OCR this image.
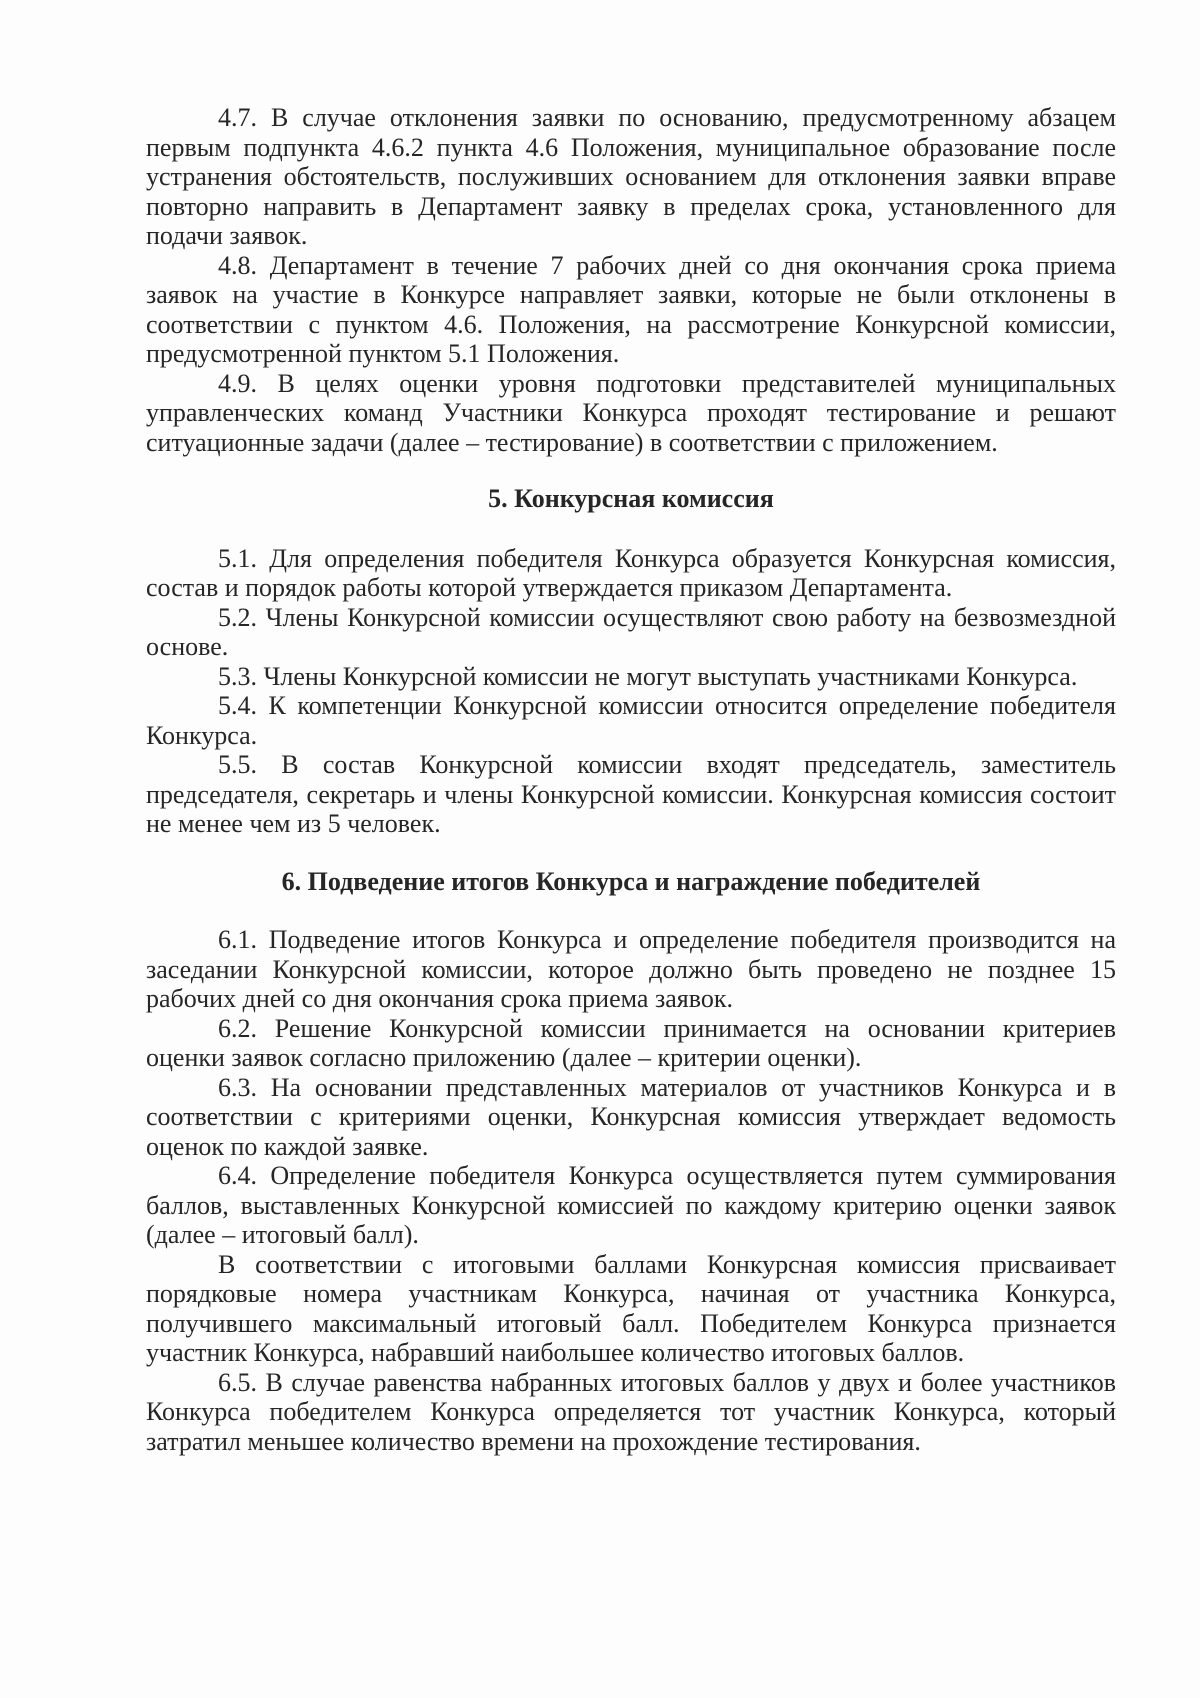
4.7. В случае отклонения заявки по основанию, предусмотренному абзацем первым подпункта 4.6.2 пункта 4.6 Положения, муниципальное образование после устранения обстоятельств, послуживших основанием для отклонения заявки вправе повторно направить в Департамент заявку в пределах срока, установленного для подачи заявок.

4.8. Департамент в течение 7 рабочих дней со дня окончания срока приема заявок на участие в Конкурсе направляет заявки, которые не были отклонены в соответствии с пунктом 4.6. Положения, на рассмотрение Конкурсной комиссии, предусмотренной пунктом 5.1 Положения.

4.9. В целях оценки уровня подготовки представителей муниципальных управленческих команд Участники Конкурса проходят тестирование и решают ситуационные задачи (далее – тестирование) в соответствии с приложением.

5. Конкурсная комиссия

5.1. Для определения победителя Конкурса образуется Конкурсная комиссия, состав и порядок работы которой утверждается приказом Департамента.

5.2. Члены Конкурсной комиссии осуществляют свою работу на безвозмездной основе.

5.3. Члены Конкурсной комиссии не могут выступать участниками Конкурса.

5.4. К компетенции Конкурсной комиссии относится определение победителя Конкурса.

5.5. В состав Конкурсной комиссии входят председатель, заместитель председателя, секретарь и члены Конкурсной комиссии. Конкурсная комиссия состоит не менее чем из 5 человек.

6. Подведение итогов Конкурса и награждение победителей

6.1. Подведение итогов Конкурса и определение победителя производится на заседании Конкурсной комиссии, которое должно быть проведено не позднее 15 рабочих дней со дня окончания срока приема заявок.

6.2. Решение Конкурсной комиссии принимается на основании критериев оценки заявок согласно приложению (далее – критерии оценки).

6.3. На основании представленных материалов от участников Конкурса и в соответствии с критериями оценки, Конкурсная комиссия утверждает ведомость оценок по каждой заявке.

6.4. Определение победителя Конкурса осуществляется путем суммирования баллов, выставленных Конкурсной комиссией по каждому критерию оценки заявок (далее – итоговый балл).

В соответствии с итоговыми баллами Конкурсная комиссия присваивает порядковые номера участникам Конкурса, начиная от участника Конкурса, получившего максимальный итоговый балл. Победителем Конкурса признается участник Конкурса, набравший наибольшее количество итоговых баллов.

6.5. В случае равенства набранных итоговых баллов у двух и более участников Конкурса победителем Конкурса определяется тот участник Конкурса, который затратил меньшее количество времени на прохождение тестирования.
